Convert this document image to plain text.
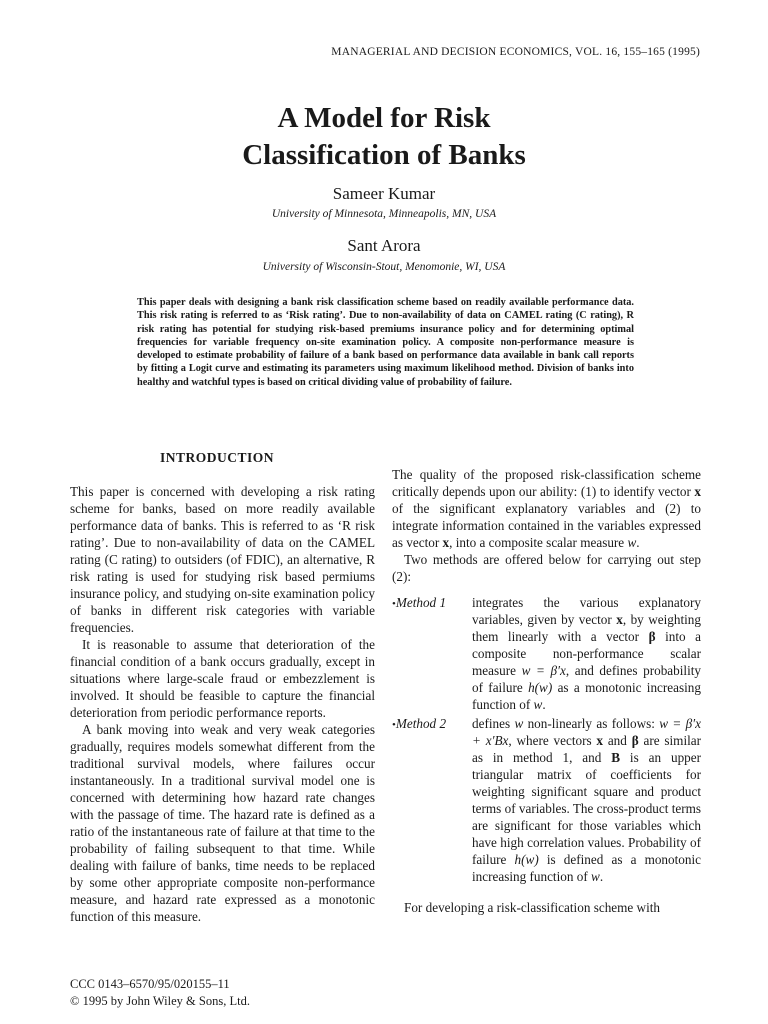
MANAGERIAL AND DECISION ECONOMICS, VOL. 16, 155–165 (1995)
A Model for Risk
Classification of Banks
Sameer Kumar
University of Minnesota, Minneapolis, MN, USA
Sant Arora
University of Wisconsin-Stout, Menomonie, WI, USA
This paper deals with designing a bank risk classification scheme based on readily available performance data. This risk rating is referred to as ‘Risk rating’. Due to non-availability of data on CAMEL rating (C rating), R risk rating has potential for studying risk-based premiums insurance policy and for determining optimal frequencies for variable frequency on-site examination policy. A composite non-performance measure is developed to estimate probability of failure of a bank based on performance data available in bank call reports by fitting a Logit curve and estimating its parameters using maximum likelihood method. Division of banks into healthy and watchful types is based on critical dividing value of probability of failure.
INTRODUCTION

This paper is concerned with developing a risk rating scheme for banks, based on more readily available performance data of banks. This is referred to as ‘R risk rating’. Due to non-availability of data on the CAMEL rating (C rating) to outsiders (of FDIC), an alternative, R risk rating is used for studying risk based permiums insurance policy, and studying on-site examination policy of banks in different risk categories with variable frequencies.

It is reasonable to assume that deterioration of the financial condition of a bank occurs gradually, except in situations where large-scale fraud or embezzlement is involved. It should be feasible to capture the financial deterioration from periodic performance reports.

A bank moving into weak and very weak categories gradually, requires models somewhat different from the traditional survival models, where failures occur instantaneously. In a traditional survival model one is concerned with determining how hazard rate changes with the passage of time. The hazard rate is defined as a ratio of the instantaneous rate of failure at that time to the probability of failing subsequent to that time. While dealing with failure of banks, time needs to be replaced by some other appropriate composite non-performance measure, and hazard rate expressed as a monotonic function of this measure.

The quality of the proposed risk-classification scheme critically depends upon our ability: (1) to identify vector x of the significant explanatory variables and (2) to integrate information contained in the variables expressed as vector x, into a composite scalar measure w.

Two methods are offered below for carrying out step (2):

•Method 1	integrates the various explanatory variables, given by vector x, by weighting them linearly with a vector β into a composite non-performance scalar measure w = β′x, and defines probability of failure h(w) as a monotonic increasing function of w.
•Method 2	defines w non-linearly as follows: w = β′x + x′Bx, where vectors x and β are similar as in method 1, and B is an upper triangular matrix of coefficients for weighting significant square and product terms of variables. The cross-product terms are significant for those variables which have high correlation values. Probability of failure h(w) is defined as a monotonic increasing function of w.

For developing a risk-classification scheme with

CCC 0143–6570/95/020155–11
© 1995 by John Wiley & Sons, Ltd.
